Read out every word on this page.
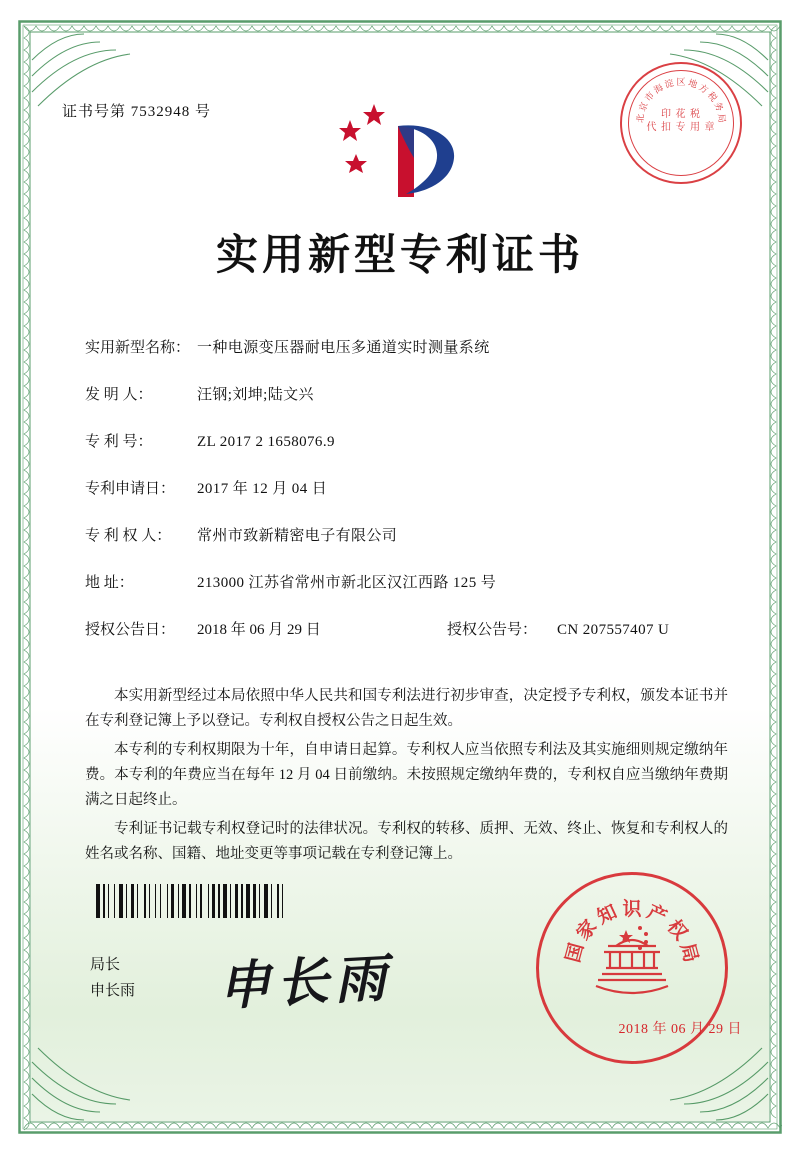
证书号第 7532948 号	北
京
市
海
淀 区 地
方
税
务
局
印 花 税
代 扣 专 用 章
实用新型专利证书
实用新型名称： 一种电源变压器耐电压多通道实时测量系统
发 明 人：	汪钢;刘坤;陆文兴
专 利 号：	ZL 2017 2 1658076.9
专利申请日：	2017 年 12 月 04 日
专 利 权 人：	常州市致新精密电子有限公司
地 址：	213000 江苏省常州市新北区汉江西路 125 号
授权公告日：	2018 年 06 月 29 日	授权公告号：	CN 207557407 U

本实用新型经过本局依照中华人民共和国专利法进行初步审查，决定授予专利权，颁发本证书并在专利登记簿上予以登记。专利权自授权公告之日起生效。

本专利的专利权期限为十年，自申请日起算。专利权人应当依照专利法及其实施细则规定缴纳年费。本专利的年费应当在每年 12 月 04 日前缴纳。未按照规定缴纳年费的，专利权自应当缴纳年费期满之日起终止。

专利证书记载专利权登记时的法律状况。专利权的转移、质押、无效、终止、恢复和专利权人的姓名或名称、国籍、地址变更等事项记载在专利登记簿上。

局长
申长雨 申长雨	国
家
知 识 产
权
局
2018 年 06 月 29 日
